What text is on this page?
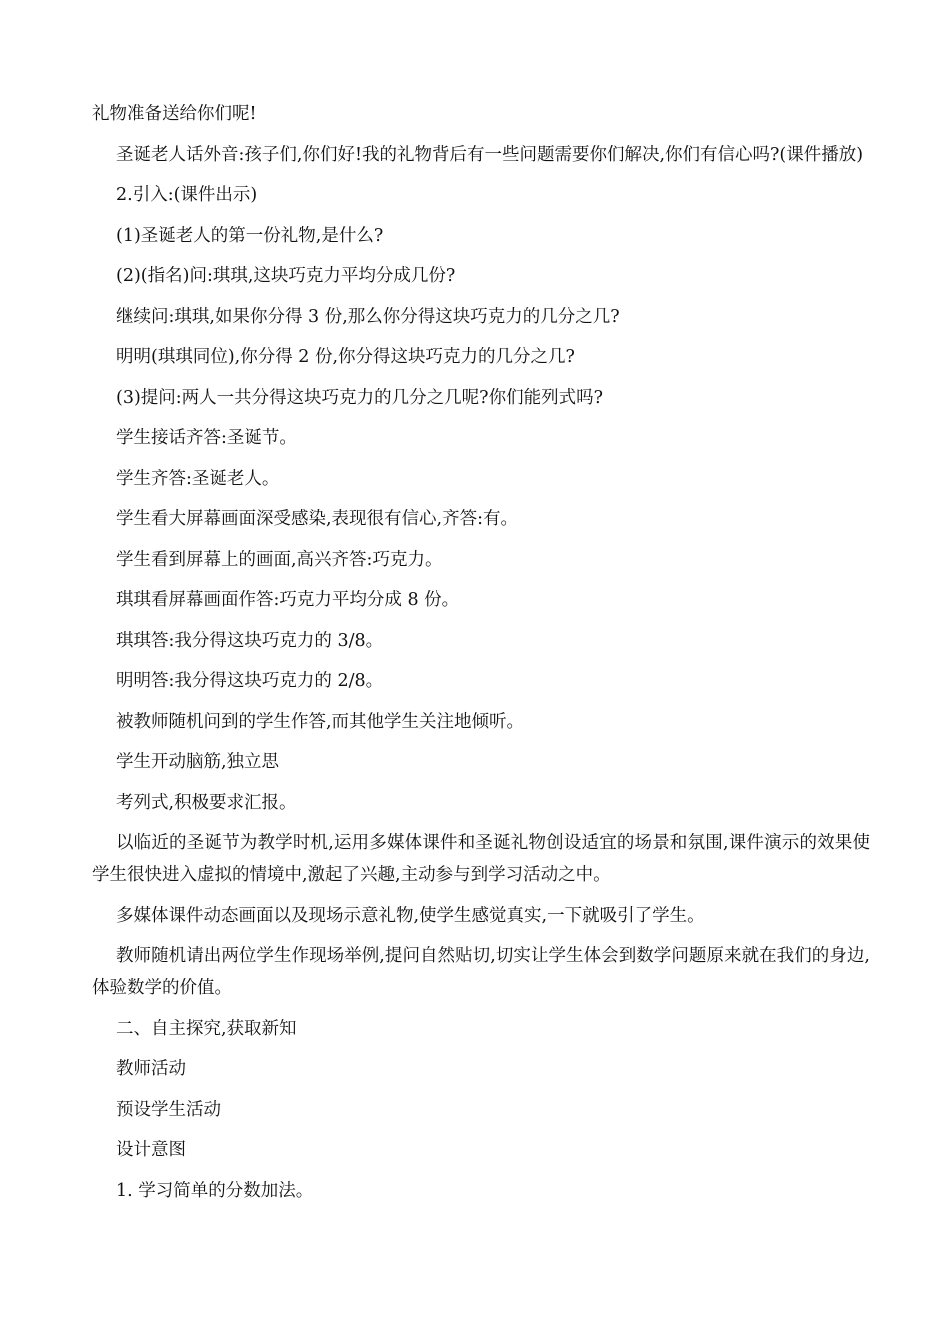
礼物准备送给你们呢!

圣诞老人话外音:孩子们,你们好!我的礼物背后有一些问题需要你们解决,你们有信心吗?(课件播放)

2.引入:(课件出示)

(1)圣诞老人的第一份礼物,是什么?

(2)(指名)问:琪琪,这块巧克力平均分成几份?

继续问:琪琪,如果你分得 3 份,那么你分得这块巧克力的几分之几?

明明(琪琪同位),你分得 2 份,你分得这块巧克力的几分之几?

(3)提问:两人一共分得这块巧克力的几分之几呢?你们能列式吗?

学生接话齐答:圣诞节。

学生齐答:圣诞老人。

学生看大屏幕画面深受感染,表现很有信心,齐答:有。

学生看到屏幕上的画面,高兴齐答:巧克力。

琪琪看屏幕画面作答:巧克力平均分成 8 份。

琪琪答:我分得这块巧克力的 3/8。

明明答:我分得这块巧克力的 2/8。

被教师随机问到的学生作答,而其他学生关注地倾听。

学生开动脑筋,独立思

考列式,积极要求汇报。

以临近的圣诞节为教学时机,运用多媒体课件和圣诞礼物创设适宜的场景和氛围,课件演示的效果使学生很快进入虚拟的情境中,激起了兴趣,主动参与到学习活动之中。

多媒体课件动态画面以及现场示意礼物,使学生感觉真实,一下就吸引了学生。

教师随机请出两位学生作现场举例,提问自然贴切,切实让学生体会到数学问题原来就在我们的身边,体验数学的价值。

二、自主探究,获取新知

教师活动

预设学生活动

设计意图

1. 学习简单的分数加法。
